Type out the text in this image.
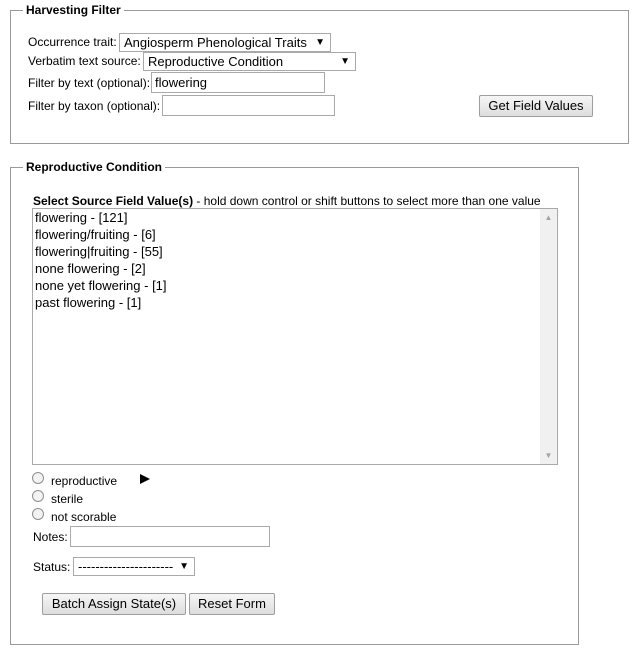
Harvesting Filter
Occurrence trait: Angiosperm Phenological Traits ▼
Verbatim text source: Reproductive Condition	▼
Filter by text (optional): flowering
Filter by taxon (optional):	Get Field Values
Reproductive Condition
Select Source Field Value(s) - hold down control or shift buttons to select more than one value
flowering - [121]
flowering/fruiting - [6]
flowering|fruiting - [55]
none flowering - [2]
none yet flowering - [1]
past flowering - [1]
▲
▼
reproductive
sterile
not scorable
Notes:
Status: ---------------------- ▼
Batch Assign State(s)	Reset Form
